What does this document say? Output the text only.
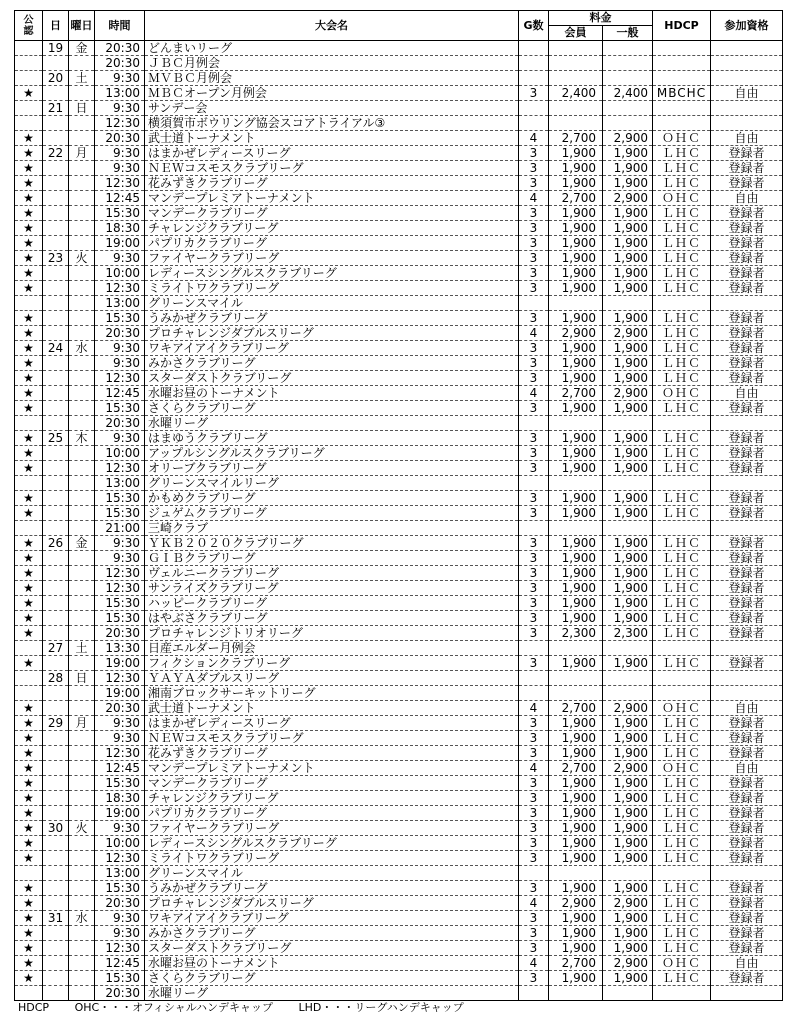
公認	日	曜日	時間	大会名	G数	料金		HDCP	参加資格
						会員	一般		
	19	金	20:30	どんまいリーグ					
			20:30	ＪＢＣ月例会					
	20	土	9:30	ＭＶＢＣ月例会					
★			13:00	ＭＢＣオープン月例会	3	2,400	2,400	MBCHC	自由
	21	日	9:30	サンデー会					
			12:30	横須賀市ボウリング協会スコアトライアル③					
★			20:30	武士道トーナメント	4	2,700	2,900	ＯＨＣ	自由
★	22	月	9:30	はまかぜレディースリーグ	3	1,900	1,900	ＬＨＣ	登録者
★			9:30	ＮＥＷコスモスクラブリーグ	3	1,900	1,900	ＬＨＣ	登録者
★			12:30	花みずきクラブリーグ	3	1,900	1,900	ＬＨＣ	登録者
★			12:45	マンデープレミアトーナメント	4	2,700	2,900	ＯＨＣ	自由
★			15:30	マンデークラブリーグ	3	1,900	1,900	ＬＨＣ	登録者
★			18:30	チャレンジクラブリーグ	3	1,900	1,900	ＬＨＣ	登録者
★			19:00	パプリカクラブリーグ	3	1,900	1,900	ＬＨＣ	登録者
★	23	火	9:30	ファイヤークラブリーグ	3	1,900	1,900	ＬＨＣ	登録者
★			10:00	レディースシングルスクラブリーグ	3	1,900	1,900	ＬＨＣ	登録者
★			12:30	ミライトワクラブリーグ	3	1,900	1,900	ＬＨＣ	登録者
			13:00	グリーンスマイル					
★			15:30	うみかぜクラブリーグ	3	1,900	1,900	ＬＨＣ	登録者
★			20:30	プロチャレンジダブルスリーグ	4	2,900	2,900	ＬＨＣ	登録者
★	24	水	9:30	ワキアイアイクラブリーグ	3	1,900	1,900	ＬＨＣ	登録者
★			9:30	みかさクラブリーグ	3	1,900	1,900	ＬＨＣ	登録者
★			12:30	スターダストクラブリーグ	3	1,900	1,900	ＬＨＣ	登録者
★			12:45	水曜お昼のトーナメント	4	2,700	2,900	ＯＨＣ	自由
★			15:30	さくらクラブリーグ	3	1,900	1,900	ＬＨＣ	登録者
			20:30	水曜リーグ					
★	25	木	9:30	はまゆうクラブリーグ	3	1,900	1,900	ＬＨＣ	登録者
★			10:00	アップルシングルスクラブリーグ	3	1,900	1,900	ＬＨＣ	登録者
★			12:30	オリーブクラブリーグ	3	1,900	1,900	ＬＨＣ	登録者
			13:00	グリーンスマイルリーグ					
★			15:30	かもめクラブリーグ	3	1,900	1,900	ＬＨＣ	登録者
★			15:30	ジュゲムクラブリーグ	3	1,900	1,900	ＬＨＣ	登録者
			21:00	三崎クラブ					
★	26	金	9:30	ＹＫＢ２０２０クラブリーグ	3	1,900	1,900	ＬＨＣ	登録者
★			9:30	ＧＩＢクラブリーグ	3	1,900	1,900	ＬＨＣ	登録者
★			12:30	ヴェルニークラブリーグ	3	1,900	1,900	ＬＨＣ	登録者
★			12:30	サンライズクラブリーグ	3	1,900	1,900	ＬＨＣ	登録者
★			15:30	ハッピークラブリーグ	3	1,900	1,900	ＬＨＣ	登録者
★			15:30	はやぶさクラブリーグ	3	1,900	1,900	ＬＨＣ	登録者
★			20:30	プロチャレンジトリオリーグ	3	2,300	2,300	ＬＨＣ	登録者
	27	土	13:30	日産エルダー月例会					
★			19:00	フィクションクラブリーグ	3	1,900	1,900	ＬＨＣ	登録者
	28	日	12:30	ＹＡＹＡダブルスリーグ					
			19:00	湘南ブロックサーキットリーグ					
★			20:30	武士道トーナメント	4	2,700	2,900	ＯＨＣ	自由
★	29	月	9:30	はまかぜレディースリーグ	3	1,900	1,900	ＬＨＣ	登録者
★			9:30	ＮＥＷコスモスクラブリーグ	3	1,900	1,900	ＬＨＣ	登録者
★			12:30	花みずきクラブリーグ	3	1,900	1,900	ＬＨＣ	登録者
★			12:45	マンデープレミアトーナメント	4	2,700	2,900	ＯＨＣ	自由
★			15:30	マンデークラブリーグ	3	1,900	1,900	ＬＨＣ	登録者
★			18:30	チャレンジクラブリーグ	3	1,900	1,900	ＬＨＣ	登録者
★			19:00	パプリカクラブリーグ	3	1,900	1,900	ＬＨＣ	登録者
★	30	火	9:30	ファイヤークラブリーグ	3	1,900	1,900	ＬＨＣ	登録者
★			10:00	レディースシングルスクラブリーグ	3	1,900	1,900	ＬＨＣ	登録者
★			12:30	ミライトワクラブリーグ	3	1,900	1,900	ＬＨＣ	登録者
			13:00	グリーンスマイル					
★			15:30	うみかぜクラブリーグ	3	1,900	1,900	ＬＨＣ	登録者
★			20:30	プロチャレンジダブルスリーグ	4	2,900	2,900	ＬＨＣ	登録者
★	31	水	9:30	ワキアイアイクラブリーグ	3	1,900	1,900	ＬＨＣ	登録者
★			9:30	みかさクラブリーグ	3	1,900	1,900	ＬＨＣ	登録者
★			12:30	スターダストクラブリーグ	3	1,900	1,900	ＬＨＣ	登録者
★			12:45	水曜お昼のトーナメント	4	2,700	2,900	ＯＨＣ	自由
★			15:30	さくらクラブリーグ	3	1,900	1,900	ＬＨＣ	登録者
			20:30	水曜リーグ					
HDCP OHC・・・オフィシャルハンデキャップ LHD・・・リーグハンデキャップ
